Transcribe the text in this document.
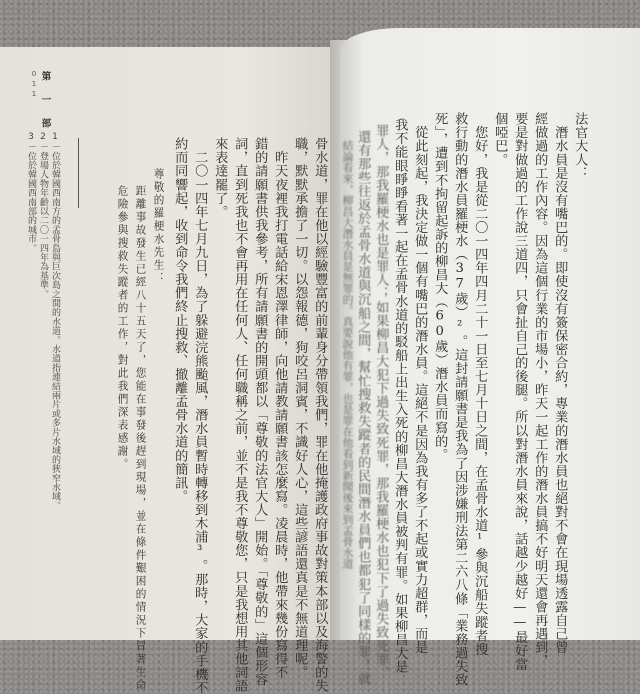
011 第一部
1－位於韓國西南方的孟骨島與巨次島之間的水道。水道指連結兩片或多片水域的狹窄水域。
2－登場人物年齡以二〇一四年為基準。
3－位於韓國西南部的城市。	尊敬的羅梗水先生：
距離事故發生已經八十五天了，您能在事發後趕到現場，並在條件艱困的情況下冒著生命
危險參與搜救失蹤者的工作，對此我們深表感謝。	骨水道，罪在他以經驗豐富的前輩身分帶領我們，罪在他掩護政府事故對策本部以及海警的失
職，默默承擔了一切。以怨報德，狗咬呂洞賓，不識好人心，這些諺語還真是不無道理呢。
　昨天夜裡我打電話給宋恩澤律師，向他請教請願書該怎麼寫。凌晨時，他帶來幾份寫得不
錯的請願書供我參考，所有請願書的開頭都以「尊敬的法官大人」開始。「尊敬的」這個形容
詞，直到死我也不會再用在任何人、任何職稱之前，並不是我不尊敬您，只是我想用其他詞語
來表達罷了。
　二〇一四年七月九日，為了躲避浣熊颱風，潛水員暫時轉移到木浦³。那時，大家的手機不
約而同響起，收到命令我們終止搜救、撤離孟骨水道的簡訊。	法官大人：
　潛水員是沒有嘴巴的。即使沒有簽保密合約，專業的潛水員也絕對不會在現場透露自己曾
經做過的工作內容。因為這個行業的市場小，昨天一起工作的潛水員搞不好明天還會再遇到，
要是對做過的工作說三道四，只會扯自己的後腿。所以對潛水員來說，話越少越好——最好當
個啞巴。
　您好，我是從二〇一四年四月二十一日至七月十日之間，在孟骨水道¹參與沉船失蹤者搜
救行動的潛水員羅梗水（37歲）²。這封請願書是我為了因涉嫌刑法第二六八條「業務過失致
死」，遭到不拘留起訴的柳昌大（60歲）潛水員而寫的。
　從此刻起，我決定做一個有嘴巴的潛水員。這絕不是因為我有多了不起或實力超群，而是
我不能眼睜睜看著一起在孟骨水道的駁船上出生入死的柳昌大潛水員被判有罪。如果柳昌大是
罪人，那我羅梗水也是罪人；如果柳昌大犯下過失致死罪，那我羅梗水也犯下了過失致死罪，
還有那些往返於孟骨水道與沉船之間，幫忙搜救失蹤者的民間潛水員們也都犯了同樣的罪！就
結論看來，柳昌大潛水員是無罪的。真要說他有罪，也是罪在他看到新聞後來到孟骨水道
